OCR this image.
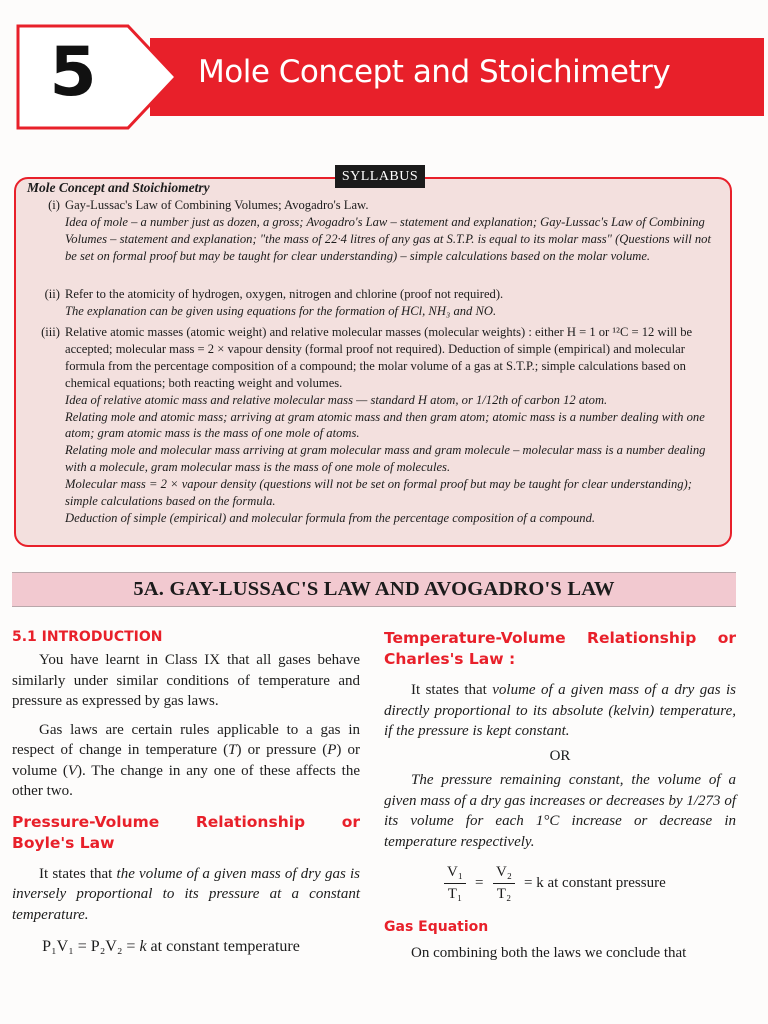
5	Mole Concept and Stoichimetry
SYLLABUS
Mole Concept and Stoichiometry
(i) Gay-Lussac's Law of Combining Volumes; Avogadro's Law.
Idea of mole – a number just as dozen, a gross; Avogadro's Law – statement and explanation; Gay-Lussac's Law of Combining Volumes – statement and explanation; "the mass of 22·4 litres of any gas at S.T.P. is equal to its molar mass" (Questions will not be set on formal proof but may be taught for clear understanding) – simple calculations based on the molar volume.
(ii) Refer to the atomicity of hydrogen, oxygen, nitrogen and chlorine (proof not required).
The explanation can be given using equations for the formation of HCl, NH₃ and NO.
(iii) Relative atomic masses (atomic weight) and relative molecular masses (molecular weights) : either H = 1 or ¹²C = 12 will be accepted; molecular mass = 2 × vapour density (formal proof not required). Deduction of simple (empirical) and molecular formula from the percentage composition of a compound; the molar volume of a gas at S.T.P.; simple calculations based on chemical equations; both reacting weight and volumes.
Idea of relative atomic mass and relative molecular mass — standard H atom, or 1/12th of carbon 12 atom.
Relating mole and atomic mass; arriving at gram atomic mass and then gram atom; atomic mass is a number dealing with one atom; gram atomic mass is the mass of one mole of atoms.
Relating mole and molecular mass arriving at gram molecular mass and gram molecule – molecular mass is a number dealing with a molecule, gram molecular mass is the mass of one mole of molecules.
Molecular mass = 2 × vapour density (questions will not be set on formal proof but may be taught for clear understanding); simple calculations based on the formula.
Deduction of simple (empirical) and molecular formula from the percentage composition of a compound.
5A. GAY-LUSSAC'S LAW AND AVOGADRO'S LAW
5.1 INTRODUCTION

You have learnt in Class IX that all gases behave similarly under similar conditions of temperature and pressure as expressed by gas laws.

Gas laws are certain rules applicable to a gas in respect of change in temperature (T) or pressure (P) or volume (V). The change in any one of these affects the other two.

Pressure-Volume Relationship or Boyle's Law

It states that the volume of a given mass of dry gas is inversely proportional to its pressure at a constant temperature.

P₁V₁ = P₂V₂ = k at constant temperature
Temperature-Volume Relationship or Charles's Law :

It states that volume of a given mass of a dry gas is directly proportional to its absolute (kelvin) temperature, if the pressure is kept constant.

OR

The pressure remaining constant, the volume of a given mass of a dry gas increases or decreases by 1/273 of its volume for each 1°C increase or decrease in temperature respectively.

V₁
T₁
=
V₂
T₂
= k at constant pressure
Gas Equation

On combining both the laws we conclude that
